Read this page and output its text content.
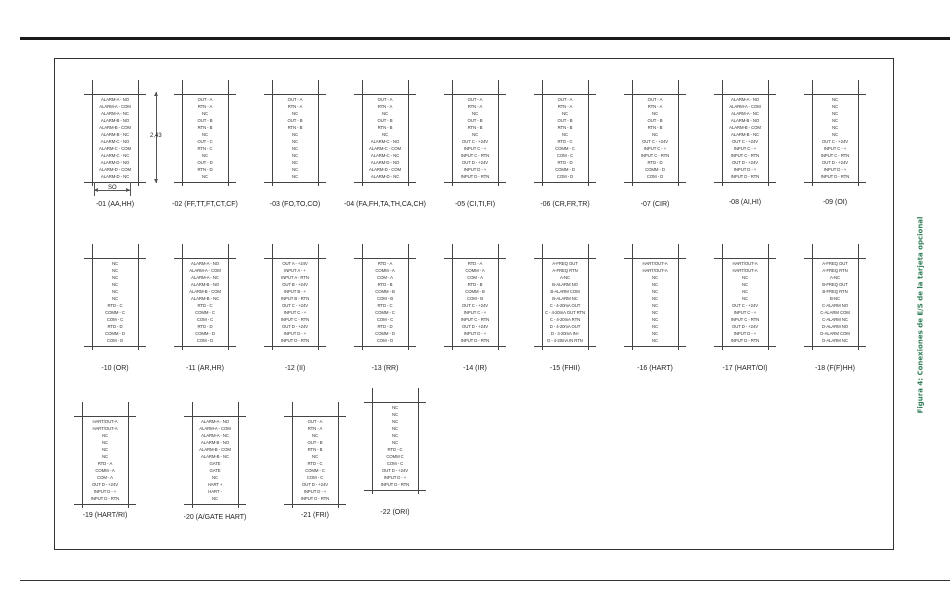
ALARM-A - NO
ALARM-A - COM
ALARM-A - NC
ALARM-B - NO
ALARM-B - COM
ALARM-B - NC
ALARM-C - NO
ALARM-C - COM
ALARM-C - NC
ALARM-D - NO
ALARM-D - COM
ALARM-D - NC
-01 (AA,HH)
OUT - A
RTN - A
NC
OUT - B
RTN - B
NC
OUT - C
RTN - C
NC
OUT - D
RTN - D
NC
-02 (FF,TT,FT,CT,CF)
OUT - A
RTN - A
NC
OUT - B
RTN - B
NC
NC
NC
NC
NC
NC
NC
-03 (FO,TO,CO)
OUT - A
RTN - A
NC
OUT - B
RTN - B
NC
ALARM-C - NO
ALARM-C - COM
ALARM-C - NC
ALARM-D - NO
ALARM-D - COM
ALARM-D - NC
-04 (FA,FH,TA,TH,CA,CH)
OUT - A
RTN - A
NC
OUT - B
RTN - B
NC
OUT C - +24V
INPUT C - +
INPUT C - RTN
OUT D - +24V
INPUT D - +
INPUT D - RTN
-05 (CI,TI,FI)
OUT - A
RTN - A
NC
OUT - B
RTN - B
NC
RTD - C
COMM - C
COM - C
RTD - D
COMM - D
COM - D
-06 (CR,FR,TR)
OUT - A
RTN - A
NC
OUT - B
RTN - B
NC
OUT C - +24V
INPUT C - +
INPUT C - RTN
RTD - D
COMM - D
COM - D
-07 (CIR)
ALARM-A - NO
ALARM-A - COM
ALARM-A - NC
ALARM-B - NO
ALARM-B - COM
ALARM-B - NC
OUT C - +24V
INPUT C - +
INPUT C - RTN
OUT D - +24V
INPUT D - +
INPUT D - RTN
-08 (AI,HI)
NC
NC
NC
NC
NC
NC
OUT C - +24V
INPUT C - +
INPUT C - RTN
OUT D - +24V
INPUT D - +
INPUT D - RTN
-09 (OI)
NC
NC
NC
NC
NC
NC
RTD - C
COMM - C
COM - C
RTD - D
COMM - D
COM - D
-10 (OR)
ALARM-A - NO
ALARM-A - COM
ALARM-A - NC
ALARM-B - NO
ALARM-B - COM
ALARM-B - NC
RTD - C
COMM - C
COM - C
RTD - D
COMM - D
COM - D
-11 (AR,HR)
OUT A - +24V
INPUT A - +
INPUT A - RTN
OUT B - +24V
INPUT B - +
INPUT B - RTN
OUT C - +24V
INPUT C - +
INPUT C - RTN
OUT D - +24V
INPUT D - +
INPUT D - RTN
-12 (II)
RTD - A
COMM - A
COM - A
RTD - B
COMM - B
COM - B
RTD - C
COMM - C
COM - C
RTD - D
COMM - D
COM - D
-13 (RR)
RTD - A
COMM - A
COM - A
RTD - B
COMM - B
COM - B
OUT C - +24V
INPUT C - +
INPUT C - RTN
OUT D - +24V
INPUT D - +
INPUT D - RTN
-14 (IR)
A-FREQ OUT
A-FREQ RTN
A-NC
B-ALARM NO
B-ALARM COM
B-ALARM NC
C - 4-20mA OUT
C - 4-20mA OUT RTN
C - 4-20mA RTN
D - 4-20mA OUT
D - 4-20mA IN+
D - 4-20mA IN RTN
-15 (FHII)
HART/OUT-A
HART/OUT-A
NC
NC
NC
NC
NC
NC
NC
NC
NC
NC
-16 (HART)
HART/OUT-A
HART/OUT-A
NC
NC
NC
NC
OUT C - +24V
INPUT C - +
INPUT C - RTN
OUT D - +24V
INPUT D - +
INPUT D - RTN
-17 (HART/OI)
A-FREQ OUT
A-FREQ RTN
A-NC
B-FREQ OUT
B-FREQ RTN
B-NC
C-ALARM NO
C-ALARM COM
C-ALARM NC
D-ALARM NO
D-ALARM COM
D-ALARM NC
-18 (F(F)HH)
HART/OUT-A
HART/OUT-A
NC
NC
NC
NC
RTD - A
COMM - A
COM - A
OUT D - +24V
INPUT D - +
INPUT D - RTN
-19 (HART/RI)
ALARM-A - NO
ALARM-A - COM
ALARM-A - NC
ALARM-B - NO
ALARM-B - COM
ALARM-B - NC
GATE
GATE
NC
HART +
HART -
NC
-20 (A/GATE HART)
OUT - A
RTN - A
NC
OUT - B
RTN - B
NC
RTD - C
COMM - C
COM - C
OUT D - +24V
INPUT D - +
INPUT D - RTN
-21 (FRI)
NC
NC
NC
NC
NC
NC
RTD - C
COMM C
COM - C
OUT D - +24V
INPUT D - +
INPUT D - RTN
-22 (ORI)
2,43
SO
Figura 4: Conexiones de E/S de la tarjeta opcional
